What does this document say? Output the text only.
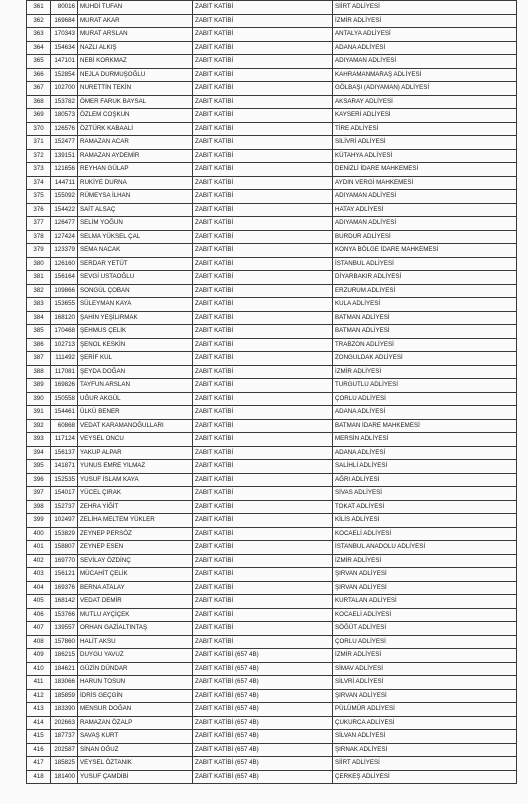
361	80016	MUHDİ TUFAN	ZABIT KATİBİ	SİİRT ADLİYESİ
362	169684	MURAT AKAR	ZABIT KATİBİ	İZMİR ADLİYESİ
363	170343	MURAT ARSLAN	ZABIT KATİBİ	ANTALYA ADLİYESİ
364	154634	NAZLI ALKIŞ	ZABIT KATİBİ	ADANA ADLİYESİ
365	147101	NEBİ KORKMAZ	ZABIT KATİBİ	ADIYAMAN ADLİYESİ
366	152854	NEJLA DURMUŞOĞLU	ZABIT KATİBİ	KAHRAMANMARAŞ ADLİYESİ
367	102700	NURETTİN TEKİN	ZABIT KATİBİ	GÖLBAŞI (ADIYAMAN) ADLİYESİ
368	153782	ÖMER FARUK BAYSAL	ZABIT KATİBİ	AKSARAY ADLİYESİ
369	180573	ÖZLEM COŞKUN	ZABIT KATİBİ	KAYSERİ ADLİYESİ
370	126576	ÖZTÜRK KABAALİ	ZABIT KATİBİ	TİRE ADLİYESİ
371	152477	RAMAZAN ACAR	ZABIT KATİBİ	SİLİVRİ ADLİYESİ
372	139151	RAMAZAN AYDEMİR	ZABIT KATİBİ	KÜTAHYA ADLİYESİ
373	121656	REYHAN GÜLAP	ZABIT KATİBİ	DENİZLİ İDARE MAHKEMESİ
374	144711	RUKİYE DURNA	ZABIT KATİBİ	AYDIN VERGİ MAHKEMESİ
375	155092	RÜMEYSA İLHAN	ZABIT KATİBİ	ADIYAMAN ADLİYESİ
376	154422	SAİT ALSAÇ	ZABIT KATİBİ	HATAY ADLİYESİ
377	126477	SELİM YOĞUN	ZABIT KATİBİ	ADIYAMAN ADLİYESİ
378	127424	SELMA YÜKSEL ÇAL	ZABIT KATİBİ	BURDUR ADLİYESİ
379	123379	SEMA NACAK	ZABIT KATİBİ	KONYA BÖLGE İDARE MAHKEMESİ
380	126160	SERDAR YETÜT	ZABIT KATİBİ	İSTANBUL ADLİYESİ
381	156164	SEVGİ USTAOĞLU	ZABIT KATİBİ	DİYARBAKIR ADLİYESİ
382	109866	SONGÜL ÇOBAN	ZABIT KATİBİ	ERZURUM ADLİYESİ
383	153655	SÜLEYMAN KAYA	ZABIT KATİBİ	KULA ADLİYESİ
384	168120	ŞAHİN YEŞİLIRMAK	ZABIT KATİBİ	BATMAN ADLİYESİ
385	170468	ŞEHMUS ÇELİK	ZABIT KATİBİ	BATMAN ADLİYESİ
386	102713	ŞENOL KESKİN	ZABIT KATİBİ	TRABZON ADLİYESİ
387	111492	ŞERİF KUL	ZABIT KATİBİ	ZONGULDAK ADLİYESİ
388	117081	ŞEYDA DOĞAN	ZABIT KATİBİ	İZMİR ADLİYESİ
389	169826	TAYFUN ARSLAN	ZABIT KATİBİ	TURGUTLU ADLİYESİ
390	150558	UĞUR AKGÜL	ZABIT KATİBİ	ÇORLU ADLİYESİ
391	154461	ÜLKÜ BENER	ZABIT KATİBİ	ADANA ADLİYESİ
392	60868	VEDAT KARAMANOĞULLARI	ZABIT KATİBİ	BATMAN İDARE MAHKEMESİ
393	117124	VEYSEL ONCU	ZABIT KATİBİ	MERSİN ADLİYESİ
394	156137	YAKUP ALPAR	ZABIT KATİBİ	ADANA ADLİYESİ
395	141871	YUNUS EMRE YILMAZ	ZABIT KATİBİ	SALİHLİ ADLİYESİ
396	152535	YUSUF İSLAM KAYA	ZABIT KATİBİ	AĞRI ADLİYESİ
397	154017	YÜCEL ÇIRAK	ZABIT KATİBİ	SİVAS ADLİYESİ
398	152737	ZEHRA YİĞİT	ZABIT KATİBİ	TOKAT ADLİYESİ
399	102497	ZELİHA MELTEM YÜKLER	ZABIT KATİBİ	KİLİS ADLİYESİ
400	153829	ZEYNEP PERSÖZ	ZABIT KATİBİ	KOCAELİ ADLİYESİ
401	158807	ZEYNEP ESEN	ZABIT KATİBİ	İSTANBUL ANADOLU ADLİYESİ
402	169770	SEVİLAY ÖZDİNÇ	ZABIT KATİBİ	İZMİR ADLİYESİ
403	156121	MÜCAHİT ÇELİK	ZABIT KATİBİ	ŞIRVAN ADLİYESİ
404	169376	BERNA ATALAY	ZABIT KATİBİ	ŞIRVAN ADLİYESİ
405	168142	VEDAT DEMİR	ZABIT KATİBİ	KURTALAN ADLİYESİ
406	153766	MUTLU AYÇİÇEK	ZABIT KATİBİ	KOCAELİ ADLİYESİ
407	139557	ORHAN GAZİALTINTAŞ	ZABIT KATİBİ	SÖĞÜT ADLİYESİ
408	157860	HALİT AKSU	ZABIT KATİBİ	ÇORLU ADLİYESİ
409	186215	DUYGU YAVUZ	ZABIT KATİBİ (657 4B)	İZMİR ADLİYESİ
410	184621	GÜZİN DÜNDAR	ZABIT KATİBİ (657 4B)	SİMAV ADLİYESİ
411	183066	HARUN TOSUN	ZABIT KATİBİ (657 4B)	SİLVRİ ADLİYESİ
412	185859	İDRİS GEÇGİN	ZABIT KATİBİ (657 4B)	ŞIRVAN ADLİYESİ
413	183390	MENSUR DOĞAN	ZABIT KATİBİ (657 4B)	PÜLÜMÜR ADLİYESİ
414	202663	RAMAZAN ÖZALP	ZABIT KATİBİ (657 4B)	ÇUKURCA ADLİYESİ
415	187737	SAVAŞ KURT	ZABIT KATİBİ (657 4B)	SİLVAN ADLİYESİ
416	202587	SİNAN OĞUZ	ZABIT KATİBİ (657 4B)	ŞIRNAK ADLİYESİ
417	185825	VEYSEL ÖZTANIK	ZABIT KATİBİ (657 4B)	SİİRT ADLİYESİ
418	181400	YUSUF ÇAMDİBİ	ZABIT KATİBİ (657 4B)	ÇERKEŞ ADLİYESİ
